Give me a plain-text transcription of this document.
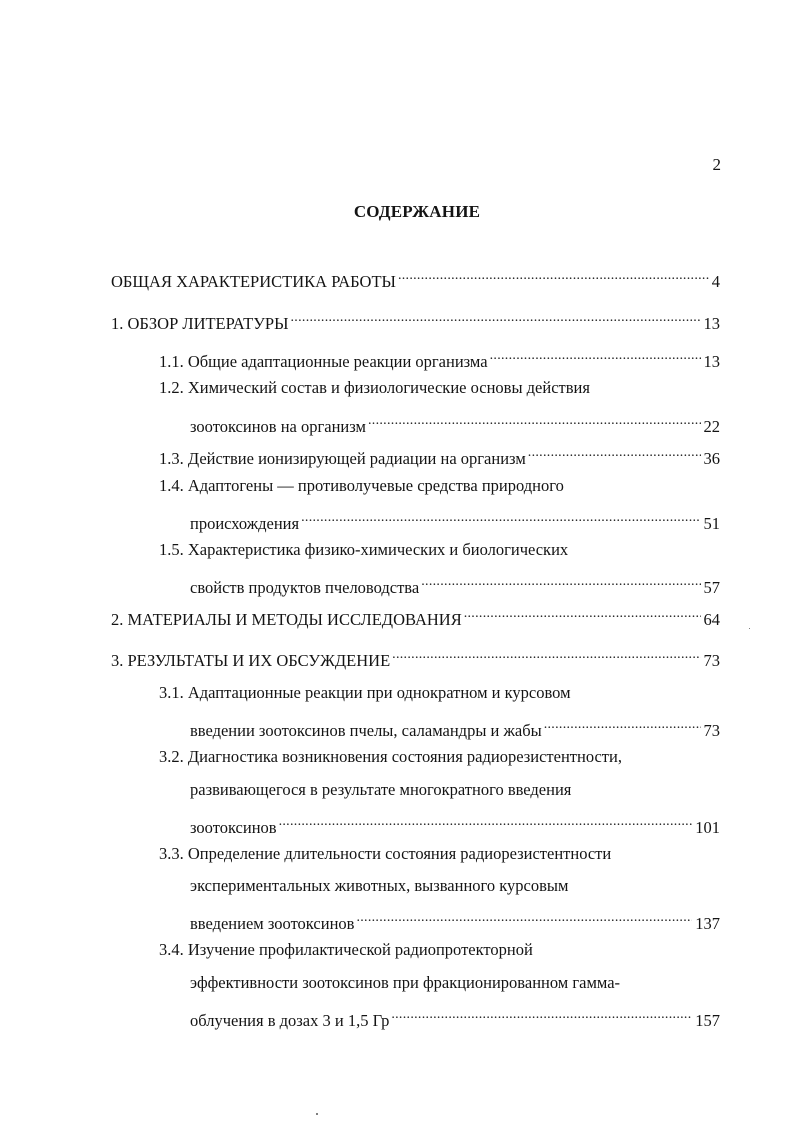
2
СОДЕРЖАНИЕ
ОБЩАЯ ХАРАКТЕРИСТИКА РАБОТЫ .....	4
1. ОБЗОР ЛИТЕРАТУРЫ .....	13
1.1. Общие адаптационные реакции организма .....	13
1.2. Химический состав и физиологические основы действия
зоотоксинов на организм .....	22
1.3. Действие ионизирующей радиации на организм .....	36
1.4. Адаптогены — противолучевые средства природного
происхождения .....	51
1.5. Характеристика физико-химических и биологических
свойств продуктов пчеловодства .....	57
2. МАТЕРИАЛЫ И МЕТОДЫ ИССЛЕДОВАНИЯ .....	64
3. РЕЗУЛЬТАТЫ И ИХ ОБСУЖДЕНИЕ .....	73
3.1. Адаптационные реакции при однократном и курсовом
введении зоотоксинов пчелы, саламандры и жабы .....	73
3.2. Диагностика возникновения состояния радиорезистентности,
развивающегося в результате многократного введения
зоотоксинов .....	101
3.3. Определение длительности состояния радиорезистентности
экспериментальных животных, вызванного курсовым
введением зоотоксинов .....	137
3.4. Изучение профилактической радиопротекторной
эффективности зоотоксинов при фракционированном гамма-
облучения в дозах 3 и 1,5 Гр .....	157
